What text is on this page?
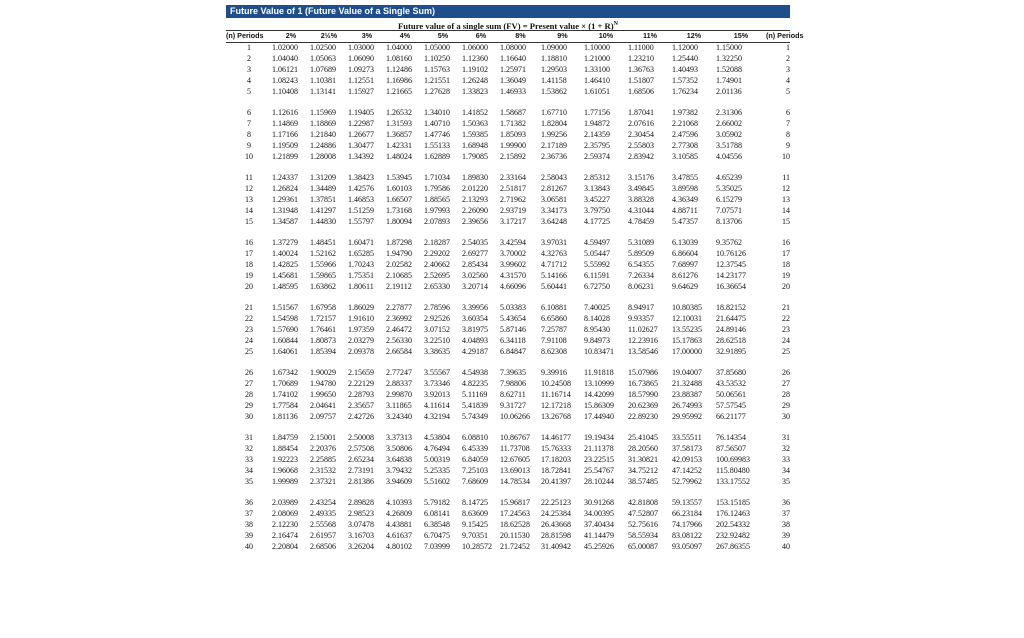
Future Value of 1 (Future Value of a Single Sum)
Future value of a single sum (FV) = Present value × $(1 + R)^N$
(n) Periods	2%	2½%	3%	4%	5%	6%	8%	9%	10%	11%	12%	15%	(n) Periods
1	1.02000	1.02500	1.03000	1.04000	1.05000	1.06000	1.08000	1.09000	1.10000	1.11000	1.12000	1.15000	1
2	1.04040	1.05063	1.06090	1.08160	1.10250	1.12360	1.16640	1.18810	1.21000	1.23210	1.25440	1.32250	2
3	1.06121	1.07689	1.09273	1.12486	1.15763	1.19102	1.25971	1.29503	1.33100	1.36763	1.40493	1.52088	3
4	1.08243	1.10381	1.12551	1.16986	1.21551	1.26248	1.36049	1.41158	1.46410	1.51807	1.57352	1.74901	4
5	1.10408	1.13141	1.15927	1.21665	1.27628	1.33823	1.46933	1.53862	1.61051	1.68506	1.76234	2.01136	5

6	1.12616	1.15969	1.19405	1.26532	1.34010	1.41852	1.58687	1.67710	1.77156	1.87041	1.97382	2.31306	6
7	1.14869	1.18869	1.22987	1.31593	1.40710	1.50363	1.71382	1.82804	1.94872	2.07616	2.21068	2.66002	7
8	1.17166	1.21840	1.26677	1.36857	1.47746	1.59385	1.85093	1.99256	2.14359	2.30454	2.47596	3.05902	8
9	1.19509	1.24886	1.30477	1.42331	1.55133	1.68948	1.99900	2.17189	2.35795	2.55803	2.77308	3.51788	9
10	1.21899	1.28008	1.34392	1.48024	1.62889	1.79085	2.15892	2.36736	2.59374	2.83942	3.10585	4.04556	10

11	1.24337	1.31209	1.38423	1.53945	1.71034	1.89830	2.33164	2.58043	2.85312	3.15176	3.47855	4.65239	11
12	1.26824	1.34489	1.42576	1.60103	1.79586	2.01220	2.51817	2.81267	3.13843	3.49845	3.89598	5.35025	12
13	1.29361	1.37851	1.46853	1.66507	1.88565	2.13293	2.71962	3.06581	3.45227	3.88328	4.36349	6.15279	13
14	1.31948	1.41297	1.51259	1.73168	1.97993	2.26090	2.93719	3.34173	3.79750	4.31044	4.88711	7.07571	14
15	1.34587	1.44830	1.55797	1.80094	2.07893	2.39656	3.17217	3.64248	4.17725	4.78459	5.47357	8.13706	15

16	1.37279	1.48451	1.60471	1.87298	2.18287	2.54035	3.42594	3.97031	4.59497	5.31089	6.13039	9.35762	16
17	1.40024	1.52162	1.65285	1.94790	2.29202	2.69277	3.70002	4.32763	5.05447	5.89509	6.86604	10.76126	17
18	1.42825	1.55966	1.70243	2.02582	2.40662	2.85434	3.99602	4.71712	5.55992	6.54355	7.68997	12.37545	18
19	1.45681	1.59865	1.75351	2.10685	2.52695	3.02560	4.31570	5.14166	6.11591	7.26334	8.61276	14.23177	19
20	1.48595	1.63862	1.80611	2.19112	2.65330	3.20714	4.66096	5.60441	6.72750	8.06231	9.64629	16.36654	20

21	1.51567	1.67958	1.86029	2.27877	2.78596	3.39956	5.03383	6.10881	7.40025	8.94917	10.80385	18.82152	21
22	1.54598	1.72157	1.91610	2.36992	2.92526	3.60354	5.43654	6.65860	8.14028	9.93357	12.10031	21.64475	22
23	1.57690	1.76461	1.97359	2.46472	3.07152	3.81975	5.87146	7.25787	8.95430	11.02627	13.55235	24.89146	23
24	1.60844	1.80873	2.03279	2.56330	3.22510	4.04893	6.34118	7.91108	9.84973	12.23916	15.17863	28.62518	24
25	1.64061	1.85394	2.09378	2.66584	3.38635	4.29187	6.84847	8.62308	10.83471	13.58546	17.00000	32.91895	25

26	1.67342	1.90029	2.15659	2.77247	3.55567	4.54938	7.39635	9.39916	11.91818	15.07986	19.04007	37.85680	26
27	1.70689	1.94780	2.22129	2.88337	3.73346	4.82235	7.98806	10.24508	13.10999	16.73865	21.32488	43.53532	27
28	1.74102	1.99650	2.28793	2.99870	3.92013	5.11169	8.62711	11.16714	14.42099	18.57990	23.88387	50.06561	28
29	1.77584	2.04641	2.35657	3.11865	4.11614	5.41839	9.31727	12.17218	15.86309	20.62369	26.74993	57.57545	29
30	1.81136	2.09757	2.42726	3.24340	4.32194	5.74349	10.06266	13.26768	17.44940	22.89230	29.95992	66.21177	30

31	1.84759	2.15001	2.50008	3.37313	4.53804	6.08810	10.86767	14.46177	19.19434	25.41045	33.55511	76.14354	31
32	1.88454	2.20376	2.57508	3.50806	4.76494	6.45339	11.73708	15.76333	21.11378	28.20560	37.58173	87.56507	32
33	1.92223	2.25885	2.65234	3.64838	5.00319	6.84059	12.67605	17.18203	23.22515	31.30821	42.09153	100.69983	33
34	1.96068	2.31532	2.73191	3.79432	5.25335	7.25103	13.69013	18.72841	25.54767	34.75212	47.14252	115.80480	34
35	1.99989	2.37321	2.81386	3.94609	5.51602	7.68609	14.78534	20.41397	28.10244	38.57485	52.79962	133.17552	35

36	2.03989	2.43254	2.89828	4.10393	5.79182	8.14725	15.96817	22.25123	30.91268	42.81808	59.13557	153.15185	36
37	2.08069	2.49335	2.98523	4.26809	6.08141	8.63609	17.24563	24.25384	34.00395	47.52807	66.23184	176.12463	37
38	2.12230	2.55568	3.07478	4.43881	6.38548	9.15425	18.62528	26.43668	37.40434	52.75616	74.17966	202.54332	38
39	2.16474	2.61957	3.16703	4.61637	6.70475	9.70351	20.11530	28.81598	41.14479	58.55934	83.08122	232.92482	39
40	2.20804	2.68506	3.26204	4.80102	7.03999	10.28572	21.72452	31.40942	45.25926	65.00087	93.05097	267.86355	40
